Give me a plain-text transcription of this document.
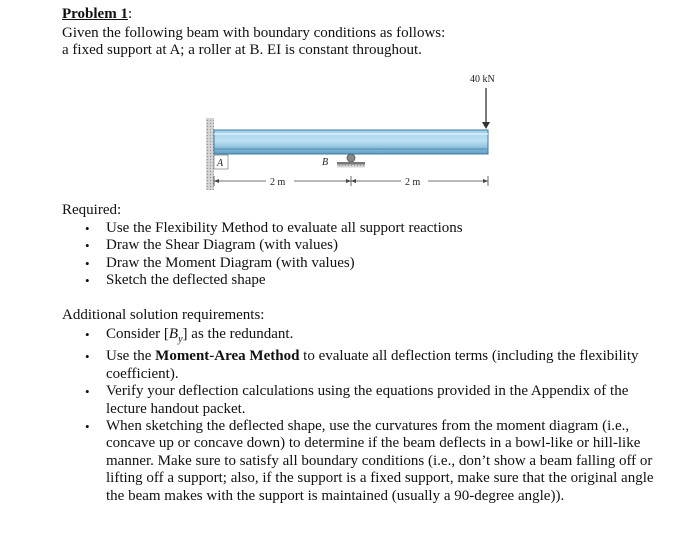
Problem 1:
Given the following beam with boundary conditions as follows:
a fixed support at A; a roller at B. EI is constant throughout.
A	B
40 kN
2 m	2 m
Required:
• Use the Flexibility Method to evaluate all support reactions
• Draw the Shear Diagram (with values)
• Draw the Moment Diagram (with values)
• Sketch the deflected shape
Additional solution requirements:
• Consider $[B_y]$ as the redundant.
• Use the Moment-Area Method to evaluate all deflection terms (including the flexibility coefficient).
• Verify your deflection calculations using the equations provided in the Appendix of the lecture handout packet.
• When sketching the deflected shape, use the curvatures from the moment diagram (i.e., concave up or concave down) to determine if the beam deflects in a bowl-like or hill-like manner. Make sure to satisfy all boundary conditions (i.e., don’t show a beam falling off or lifting off a support; also, if the support is a fixed support, make sure that the original angle the beam makes with the support is maintained (usually a 90-degree angle)).
